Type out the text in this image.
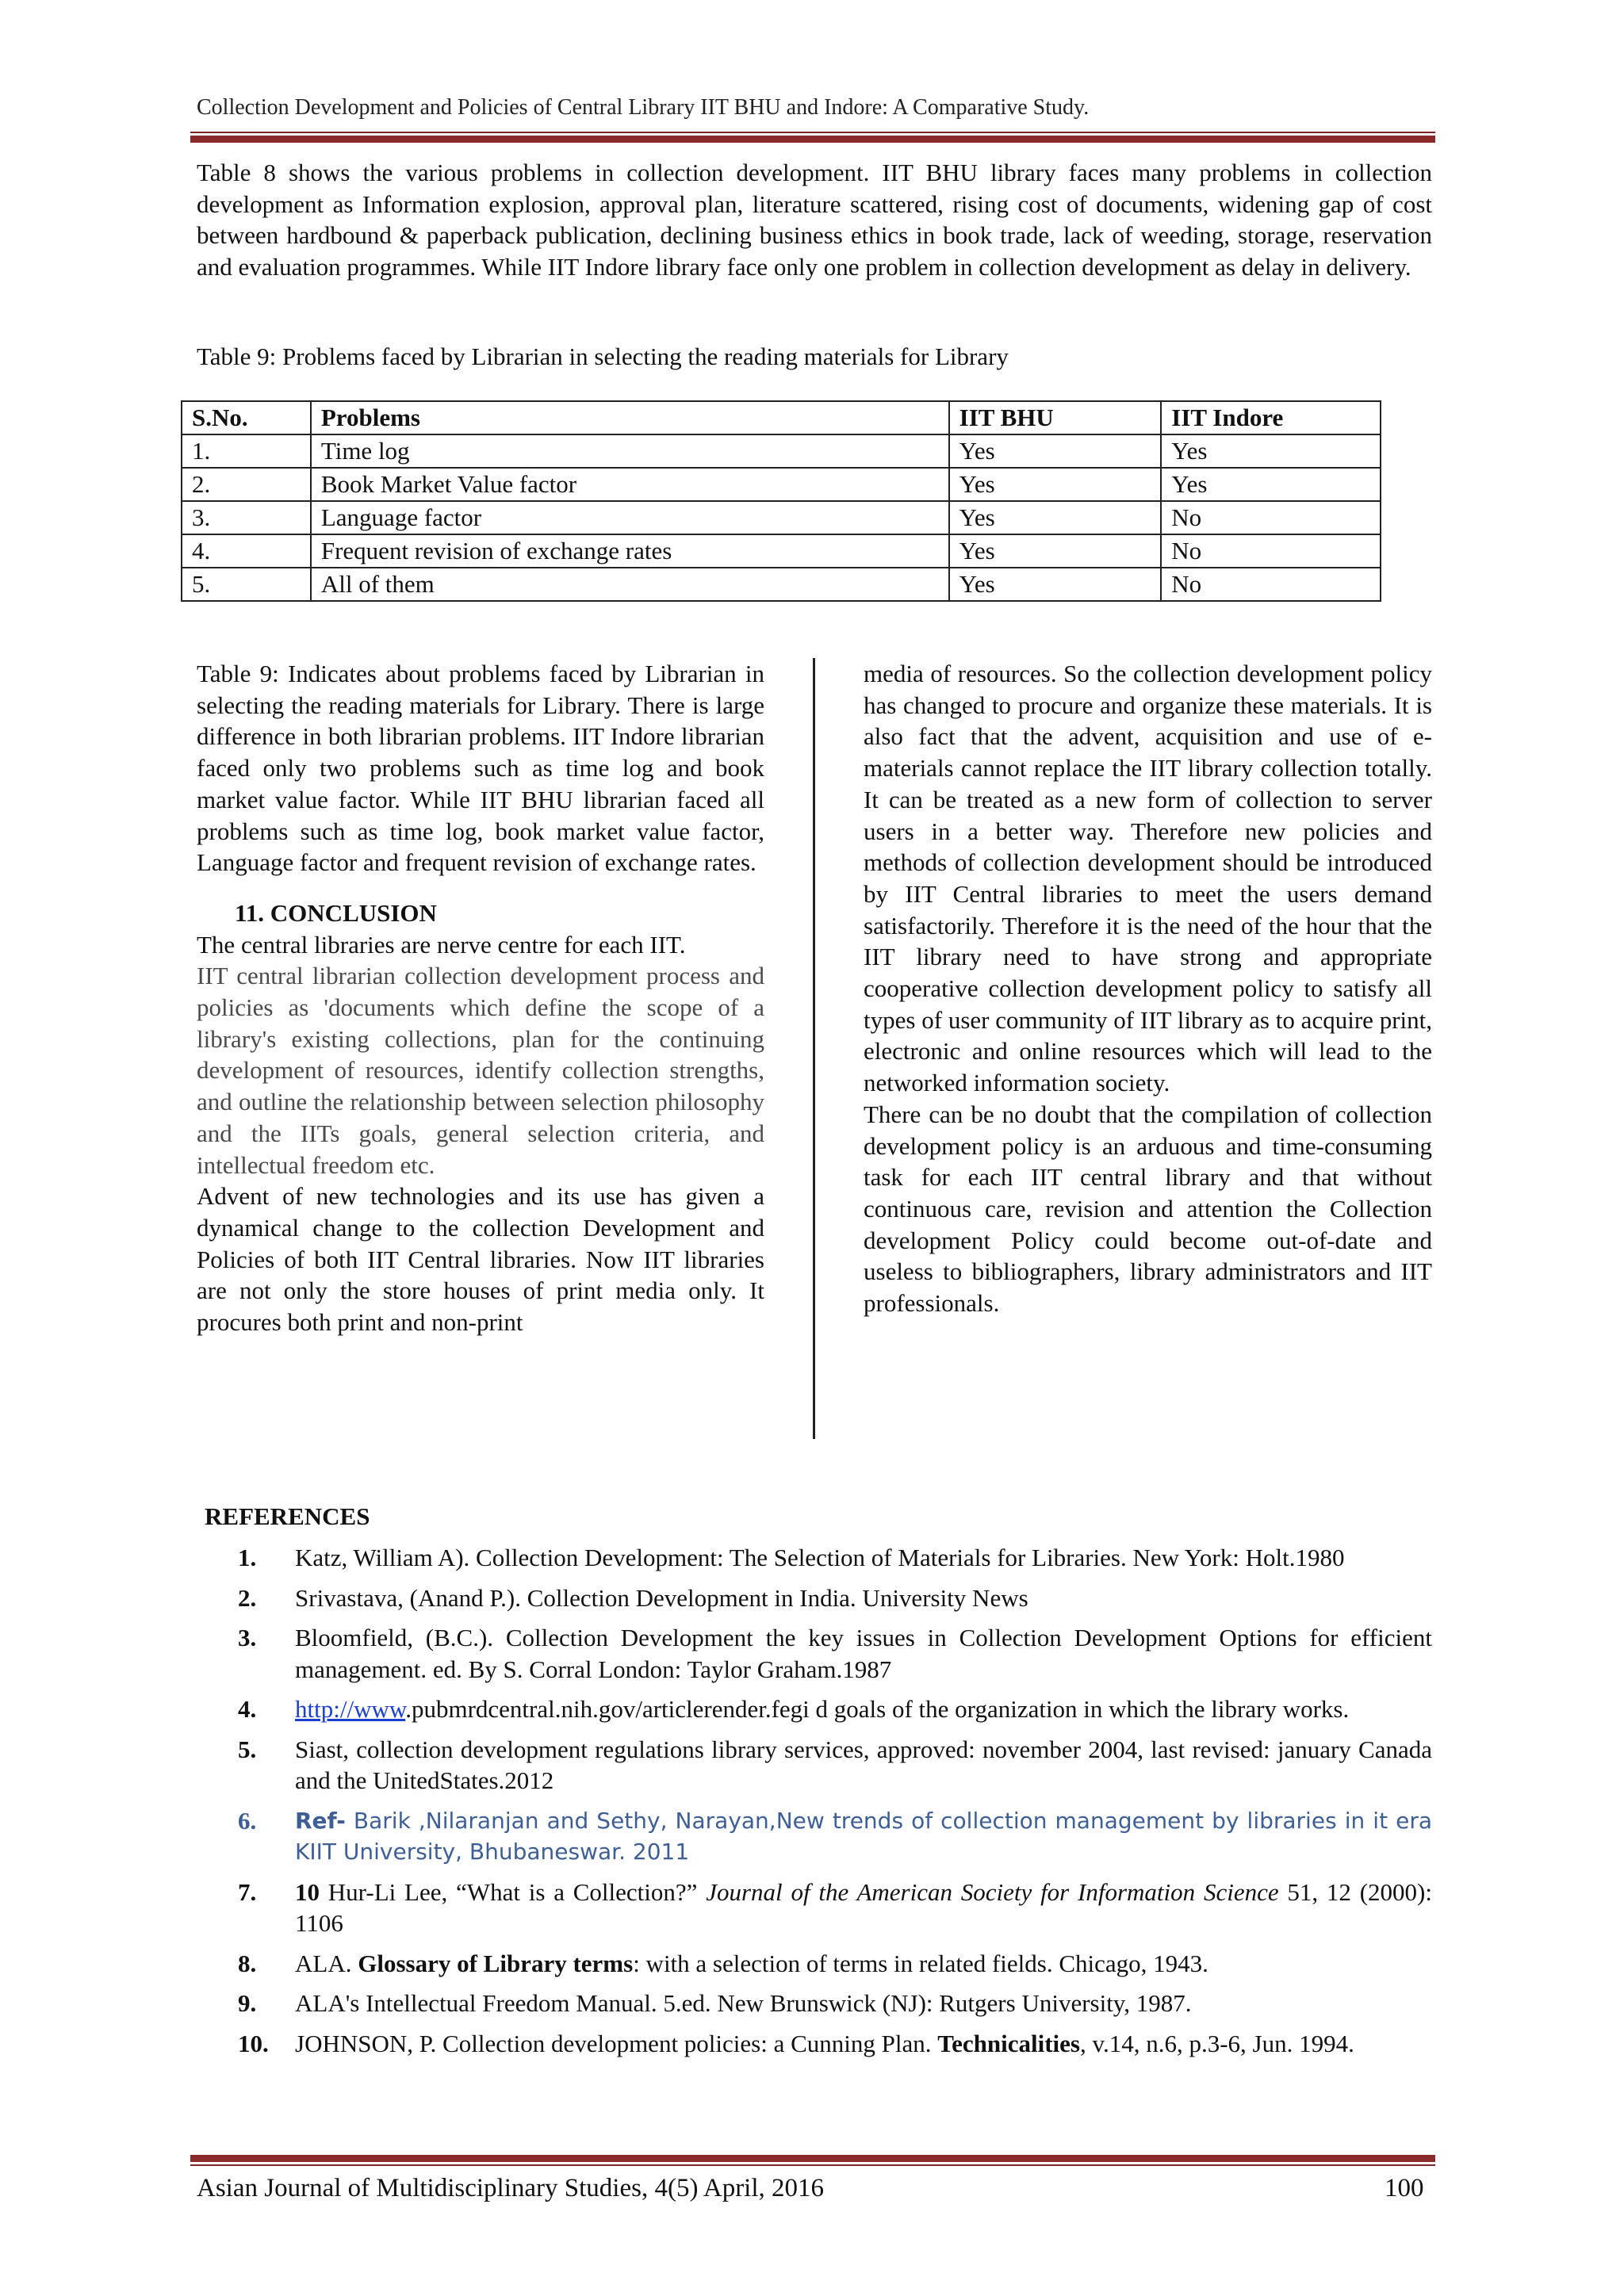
Collection Development and Policies of Central Library IIT BHU and Indore: A Comparative Study.

Table 8 shows the various problems in collection development. IIT BHU library faces many problems in collection development as Information explosion, approval plan, literature scattered, rising cost of documents, widening gap of cost between hardbound & paperback publication, declining business ethics in book trade, lack of weeding, storage, reservation and evaluation programmes. While IIT Indore library face only one problem in collection development as delay in delivery.

Table 9: Problems faced by Librarian in selecting the reading materials for Library
S.No.	Problems	IIT BHU	IIT Indore
1.	Time log	Yes	Yes
2.	Book Market Value factor	Yes	Yes
3.	Language factor	Yes	No
4.	Frequent revision of exchange rates	Yes	No
5.	All of them	Yes	No

Table 9: Indicates about problems faced by Librarian in selecting the reading materials for Library. There is large difference in both librarian problems. IIT Indore librarian faced only two problems such as time log and book market value factor. While IIT BHU librarian faced all problems such as time log, book market value factor, Language factor and frequent revision of exchange rates.

11. CONCLUSION

The central libraries are nerve centre for each IIT.

IIT central librarian collection development process and policies as 'documents which define the scope of a library's existing collections, plan for the continuing development of resources, identify collection strengths, and outline the relationship between selection philosophy and the IITs goals, general selection criteria, and intellectual freedom etc.

Advent of new technologies and its use has given a dynamical change to the collection Development and Policies of both IIT Central libraries. Now IIT libraries are not only the store houses of print media only. It procures both print and non-print

media of resources. So the collection development policy has changed to procure and organize these materials. It is also fact that the advent, acquisition and use of e-materials cannot replace the IIT library collection totally. It can be treated as a new form of collection to server users in a better way. Therefore new policies and methods of collection development should be introduced by IIT Central libraries to meet the users demand satisfactorily. Therefore it is the need of the hour that the IIT library need to have strong and appropriate cooperative collection development policy to satisfy all types of user community of IIT library as to acquire print, electronic and online resources which will lead to the networked information society.

There can be no doubt that the compilation of collection development policy is an arduous and time-consuming task for each IIT central library and that without continuous care, revision and attention the Collection development Policy could become out-of-date and useless to bibliographers, library administrators and IIT professionals.

REFERENCES
1.	Katz, William A). Collection Development: The Selection of Materials for Libraries. New York: Holt.1980
2.	Srivastava, (Anand P.). Collection Development in India. University News
3.	Bloomfield, (B.C.). Collection Development the key issues in Collection Development Options for efficient management. ed. By S. Corral London: Taylor Graham.1987
4.	http://www.pubmrdcentral.nih.gov/articlerender.fegi d goals of the organization in which the library works.
5.	Siast, collection development regulations library services, approved: november 2004, last revised: january Canada and the UnitedStates.2012
6.	Ref- Barik ,Nilaranjan and Sethy, Narayan,New trends of collection management by libraries in it era KIIT University, Bhubaneswar. 2011
7.	10 Hur-Li Lee, “What is a Collection?” Journal of the American Society for Information Science 51, 12 (2000): 1106
8.	ALA. Glossary of Library terms: with a selection of terms in related fields. Chicago, 1943.
9.	ALA's Intellectual Freedom Manual. 5.ed. New Brunswick (NJ): Rutgers University, 1987.
10.	JOHNSON, P. Collection development policies: a Cunning Plan. Technicalities, v.14, n.6, p.3-6, Jun. 1994.
Asian Journal of Multidisciplinary Studies, 4(5) April, 2016	100
